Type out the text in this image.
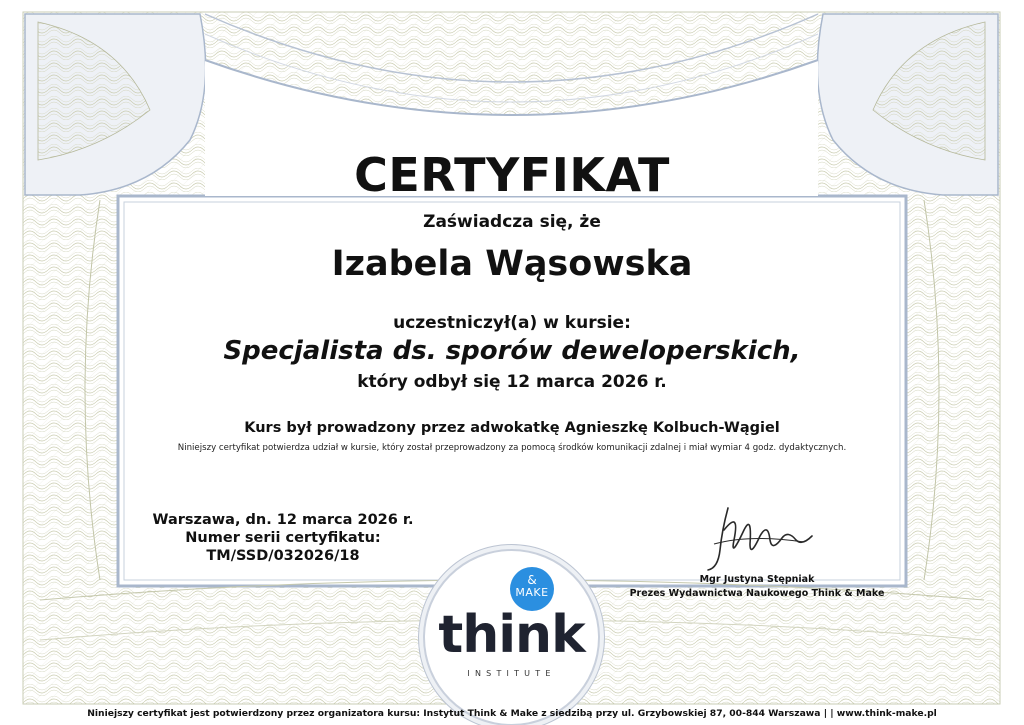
CERTYFIKAT
Zaświadcza się, że
Izabela Wąsowska
uczestniczył(a) w kursie:
Specjalista ds. sporów deweloperskich,
który odbył się 12 marca 2026 r.
Kurs był prowadzony przez adwokatkę Agnieszkę Kolbuch-Wągiel
Niniejszy certyfikat potwierdza udział w kursie, który został przeprowadzony za pomocą środków komunikacji zdalnej i miał wymiar 4 godz. dydaktycznych.
Warszawa, dn. 12 marca 2026 r.
Numer serii certyfikatu:
TM/SSD/032026/18
Mgr Justyna Stępniak
Prezes Wydawnictwa Naukowego Think & Make
&
MAKE
think
INSTITUTE
Niniejszy certyfikat jest potwierdzony przez organizatora kursu: Instytut Think & Make z siedzibą przy ul. Grzybowskiej 87, 00-844 Warszawa | | www.think-make.pl
